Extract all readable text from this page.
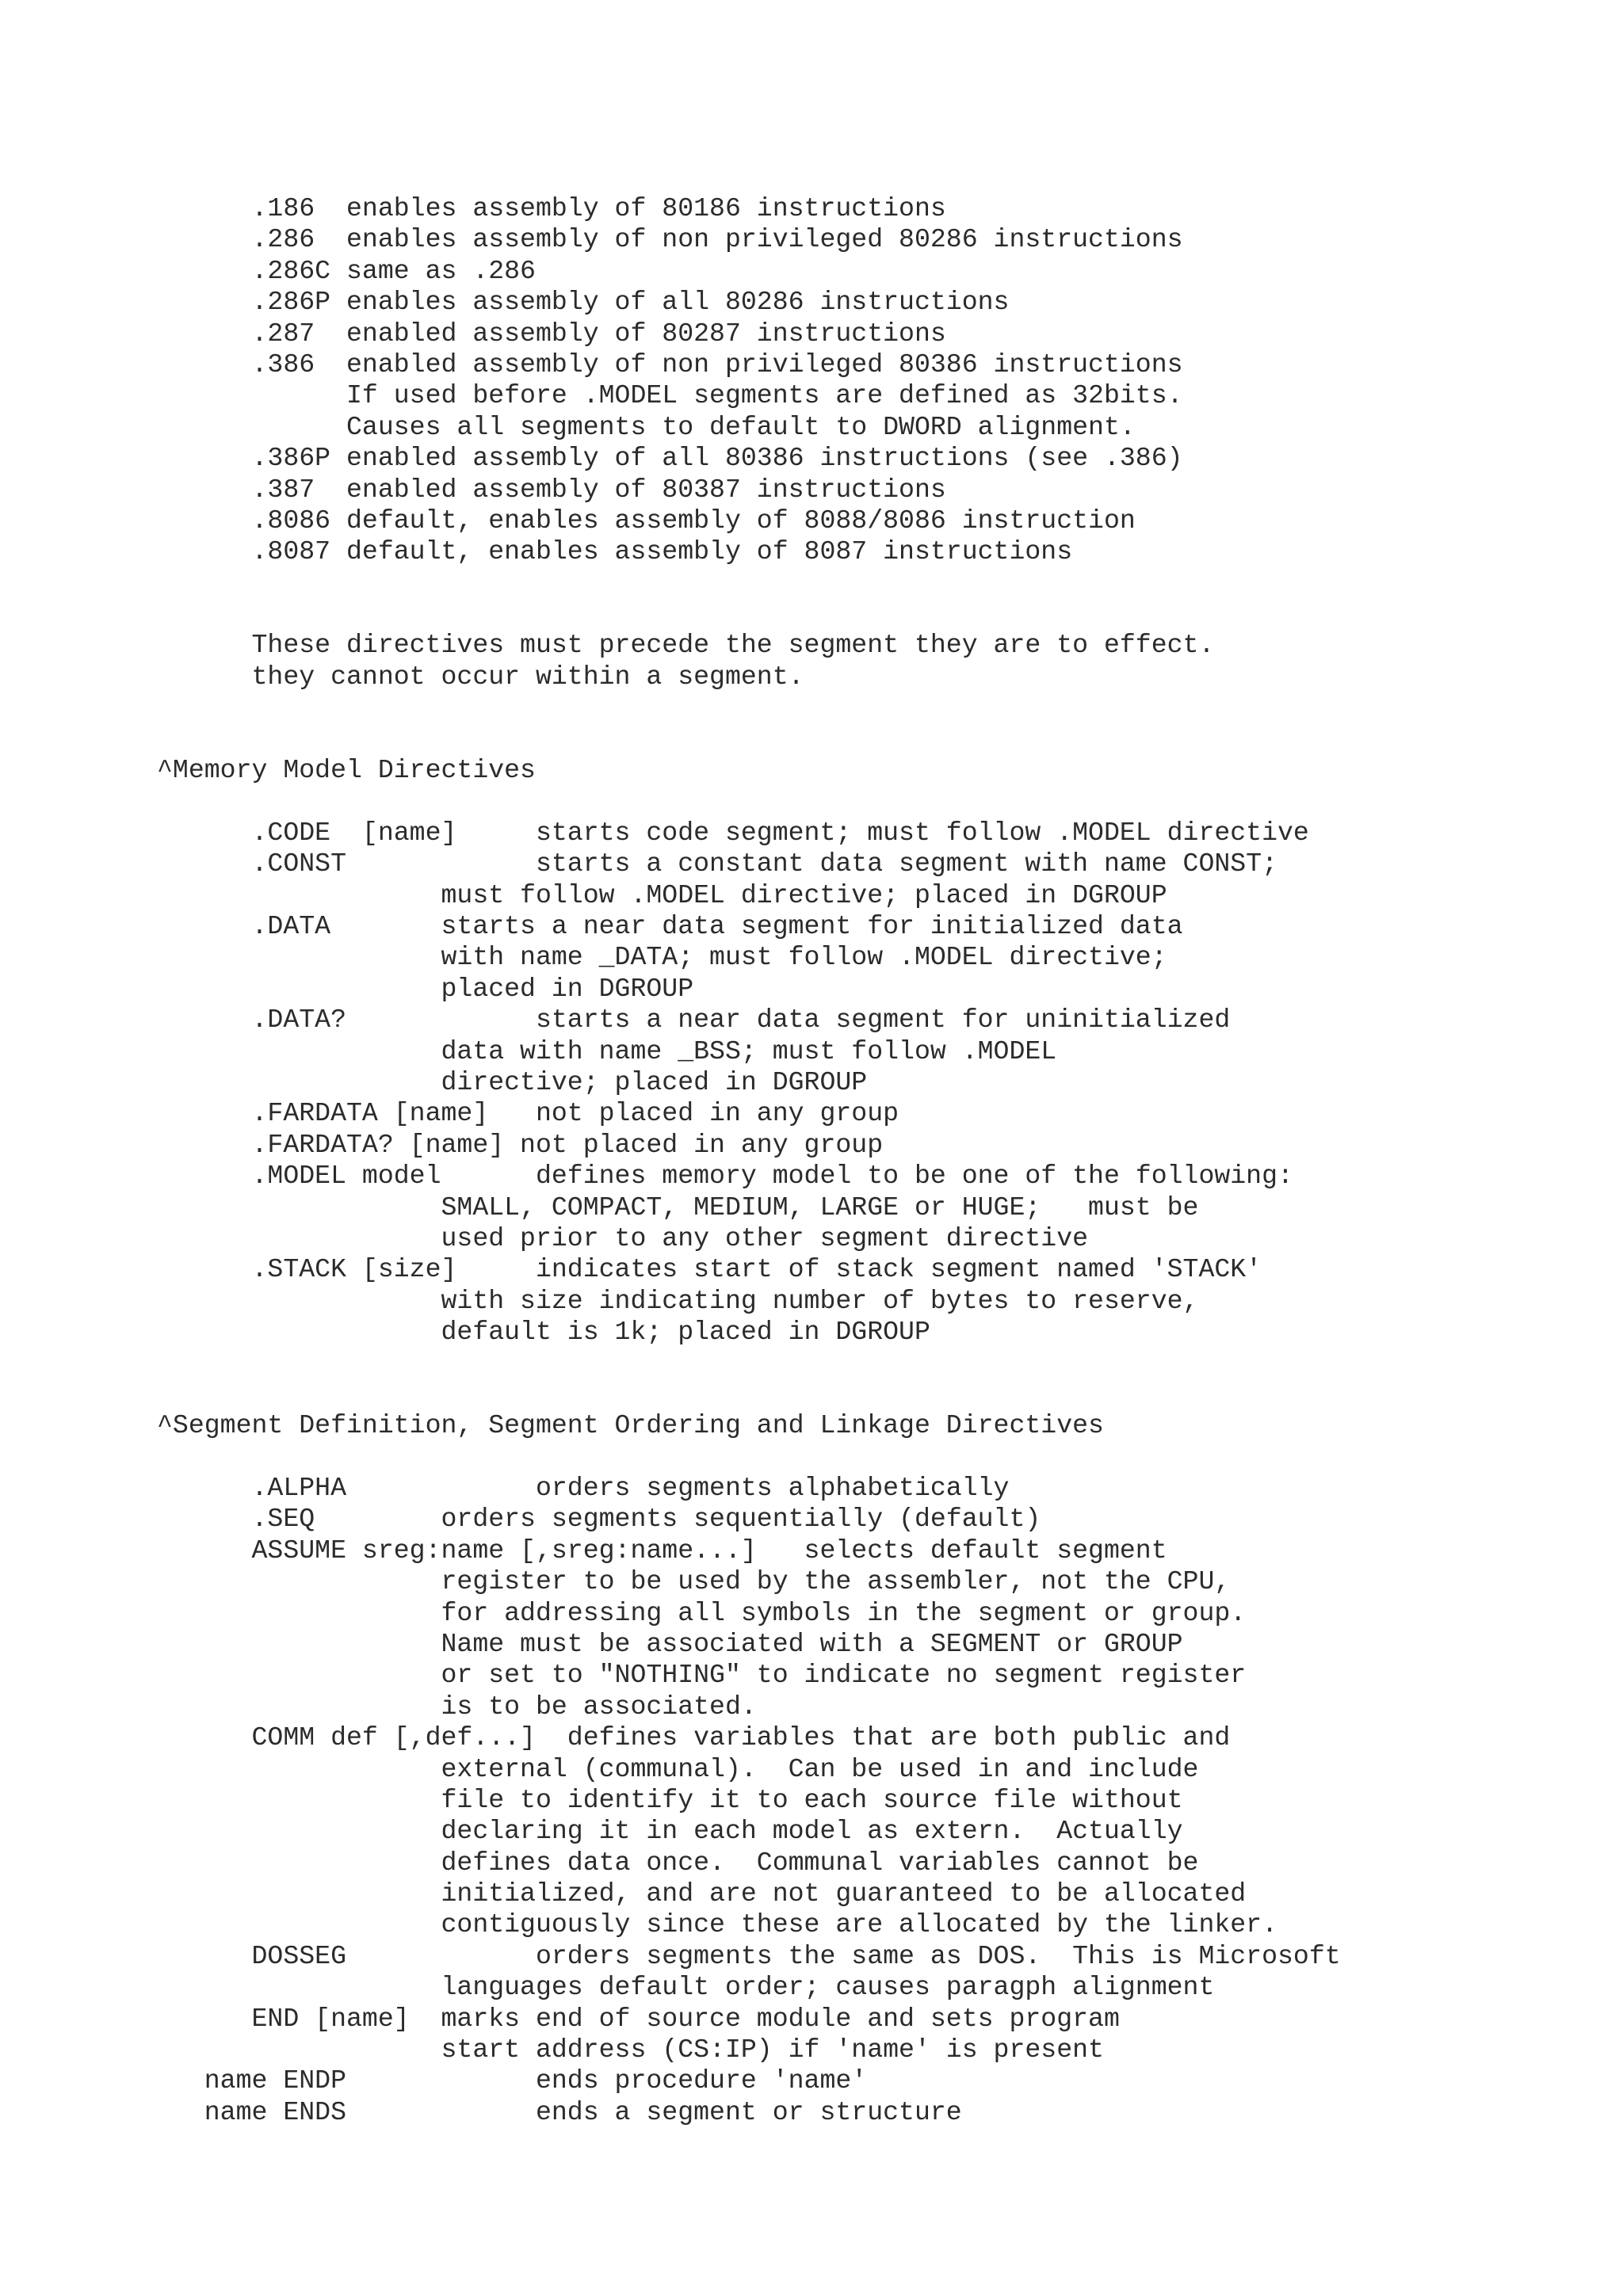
.186  enables assembly of 80186 instructions
.286  enables assembly of non privileged 80286 instructions
.286C same as .286
.286P enables assembly of all 80286 instructions
.287  enabled assembly of 80287 instructions
.386  enabled assembly of non privileged 80386 instructions
If used before .MODEL segments are defined as 32bits.
Causes all segments to default to DWORD alignment.
.386P enabled assembly of all 80386 instructions (see .386)
.387  enabled assembly of 80387 instructions
.8086 default, enables assembly of 8088/8086 instruction
.8087 default, enables assembly of 8087 instructions
These directives must precede the segment they are to effect.
they cannot occur within a segment.
^Memory Model Directives
.CODE  [name]     starts code segment; must follow .MODEL directive
.CONST            starts a constant data segment with name CONST;
must follow .MODEL directive; placed in DGROUP
.DATA       starts a near data segment for initialized data
with name _DATA; must follow .MODEL directive;
placed in DGROUP
.DATA?            starts a near data segment for uninitialized
data with name _BSS; must follow .MODEL
directive; placed in DGROUP
.FARDATA [name]   not placed in any group
.FARDATA? [name] not placed in any group
.MODEL model      defines memory model to be one of the following:
SMALL, COMPACT, MEDIUM, LARGE or HUGE;   must be
used prior to any other segment directive
.STACK [size]     indicates start of stack segment named 'STACK'
with size indicating number of bytes to reserve,
default is 1k; placed in DGROUP
^Segment Definition, Segment Ordering and Linkage Directives
.ALPHA            orders segments alphabetically
.SEQ        orders segments sequentially (default)
ASSUME sreg:name [,sreg:name...]   selects default segment
register to be used by the assembler, not the CPU,
for addressing all symbols in the segment or group.
Name must be associated with a SEGMENT or GROUP
or set to "NOTHING" to indicate no segment register
is to be associated.
COMM def [,def...]  defines variables that are both public and
external (communal).  Can be used in and include
file to identify it to each source file without
declaring it in each model as extern.  Actually
defines data once.  Communal variables cannot be
initialized, and are not guaranteed to be allocated
contiguously since these are allocated by the linker.
DOSSEG            orders segments the same as DOS.  This is Microsoft
languages default order; causes paragph alignment
END [name]  marks end of source module and sets program
start address (CS:IP) if 'name' is present
name ENDP            ends procedure 'name'
name ENDS            ends a segment or structure
